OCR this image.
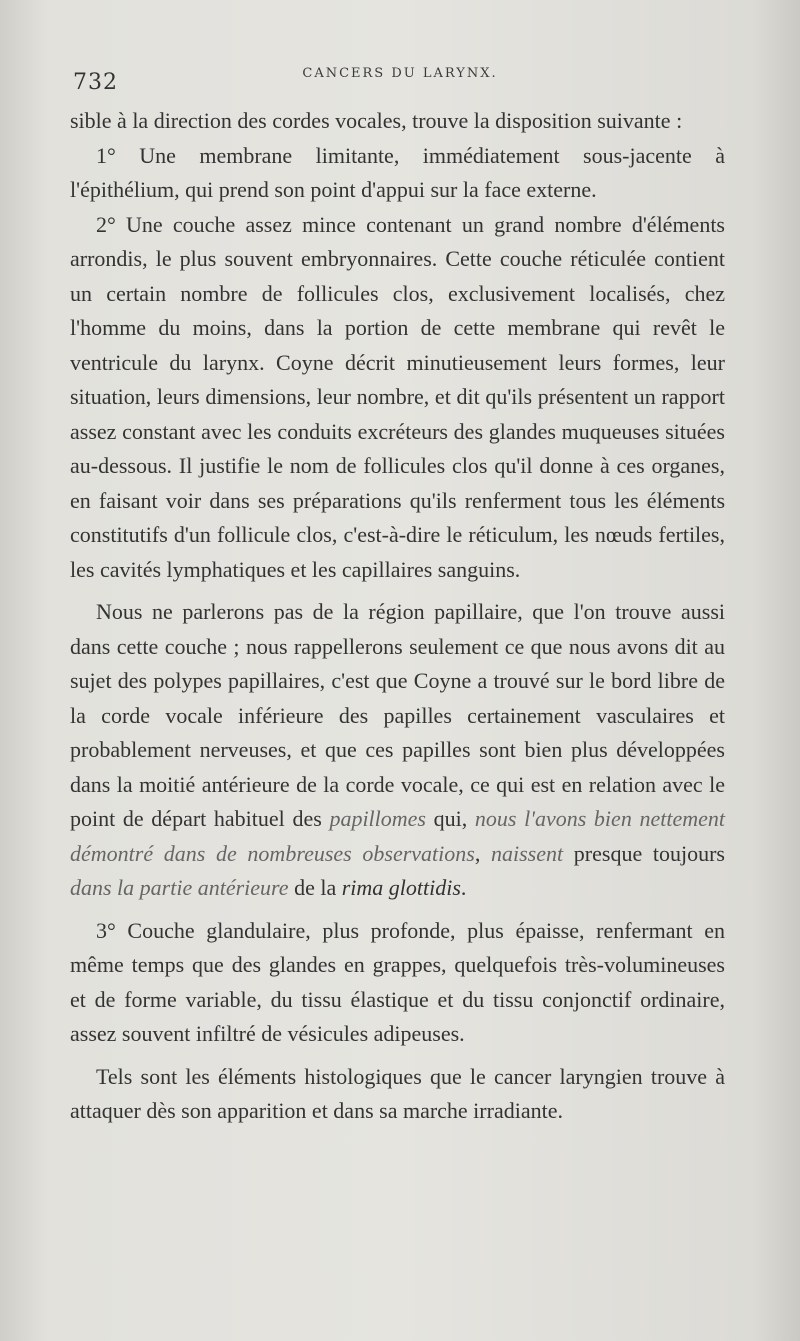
732	CANCERS DU LARYNX.

sible à la direction des cordes vocales, trouve la disposition suivante :

1° Une membrane limitante, immédiatement sous-jacente à l'épithélium, qui prend son point d'appui sur la face externe.

2° Une couche assez mince contenant un grand nombre d'éléments arrondis, le plus souvent embryonnaires. Cette couche réticulée contient un certain nombre de follicules clos, exclusivement localisés, chez l'homme du moins, dans la portion de cette membrane qui revêt le ventricule du larynx. Coyne décrit minutieusement leurs formes, leur situation, leurs dimensions, leur nombre, et dit qu'ils présentent un rapport assez constant avec les conduits excréteurs des glandes muqueuses situées au-dessous. Il justifie le nom de follicules clos qu'il donne à ces organes, en faisant voir dans ses préparations qu'ils renferment tous les éléments constitutifs d'un follicule clos, c'est-à-dire le réticulum, les nœuds fertiles, les cavités lymphatiques et les capillaires sanguins.

Nous ne parlerons pas de la région papillaire, que l'on trouve aussi dans cette couche ; nous rappellerons seulement ce que nous avons dit au sujet des polypes papillaires, c'est que Coyne a trouvé sur le bord libre de la corde vocale inférieure des papilles certainement vasculaires et probablement nerveuses, et que ces papilles sont bien plus développées dans la moitié antérieure de la corde vocale, ce qui est en relation avec le point de départ habituel des papillomes qui, nous l'avons bien nettement démontré dans de nombreuses observations, naissent presque toujours dans la partie antérieure de la rima glottidis.

3° Couche glandulaire, plus profonde, plus épaisse, renfermant en même temps que des glandes en grappes, quelquefois très-volumineuses et de forme variable, du tissu élastique et du tissu conjonctif ordinaire, assez souvent infiltré de vésicules adipeuses.

Tels sont les éléments histologiques que le cancer laryngien trouve à attaquer dès son apparition et dans sa marche irradiante.
